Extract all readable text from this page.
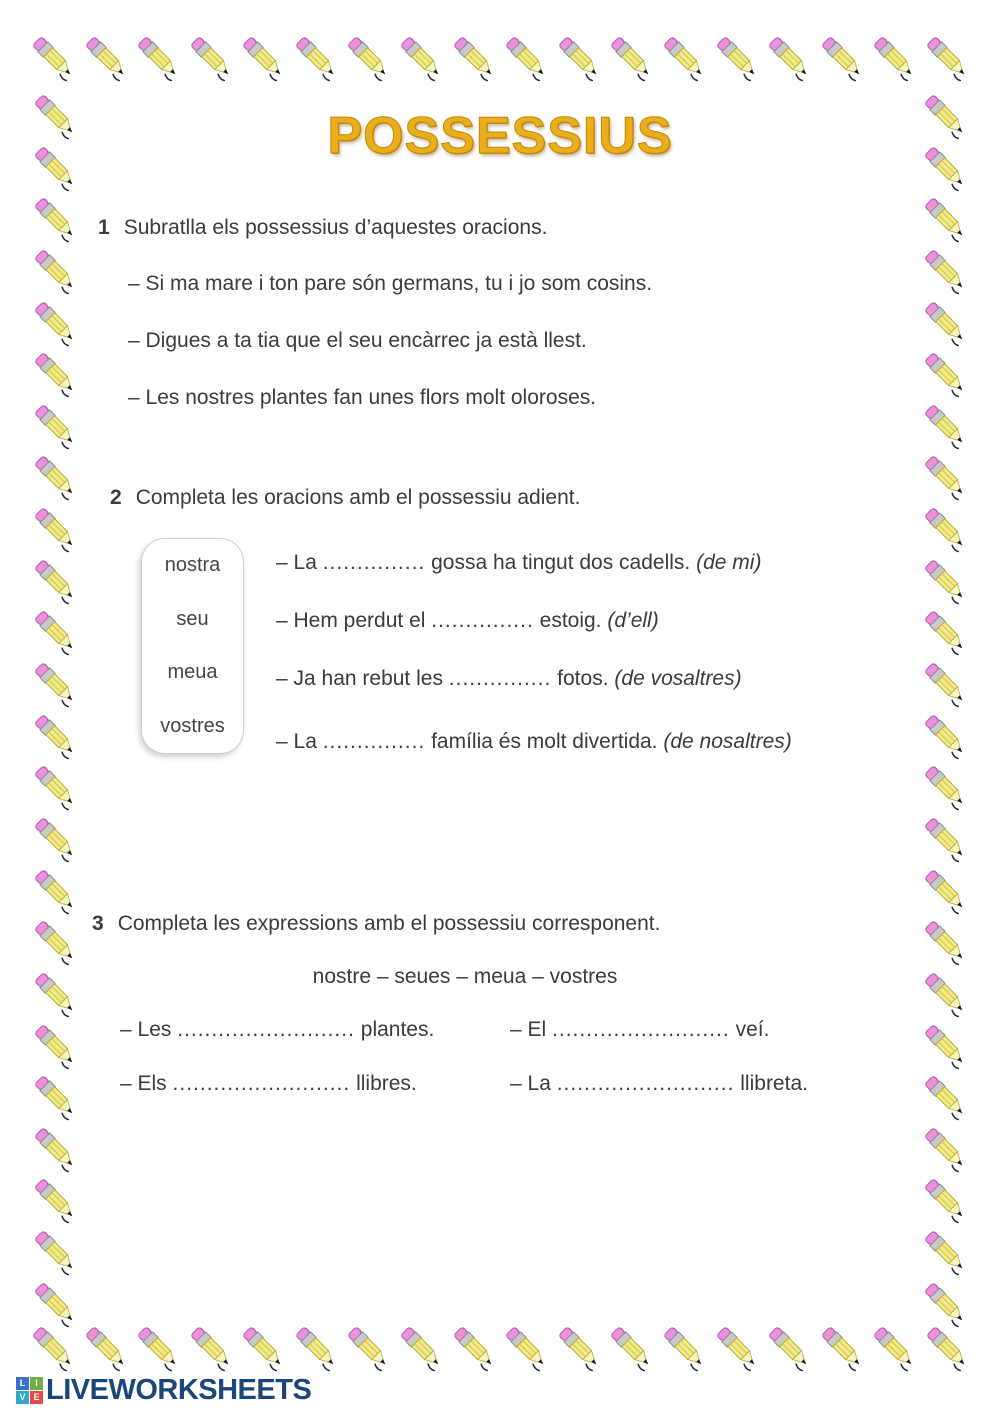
POSSESSIUS
1 Subratlla els possessius d’aquestes oracions.
– Si ma mare i ton pare són germans, tu i jo som cosins.
– Digues a ta tia que el seu encàrrec ja està llest.
– Les nostres plantes fan unes flors molt oloroses.
2 Completa les oracions amb el possessiu adient.
nostra
seu
meua
vostres
– La ............... gossa ha tingut dos cadells. (de mi)
– Hem perdut el ............... estoig. (d’ell)
– Ja han rebut les ............... fotos. (de vosaltres)
– La ............... família és molt divertida. (de nosaltres)
3 Completa les expressions amb el possessiu corresponent.
nostre – seues – meua – vostres
– Les .......................... plantes.	– El .......................... veí.
– Els .......................... llibres.	– La .......................... llibreta.
L	I
V E LIVEWORKSHEETS
